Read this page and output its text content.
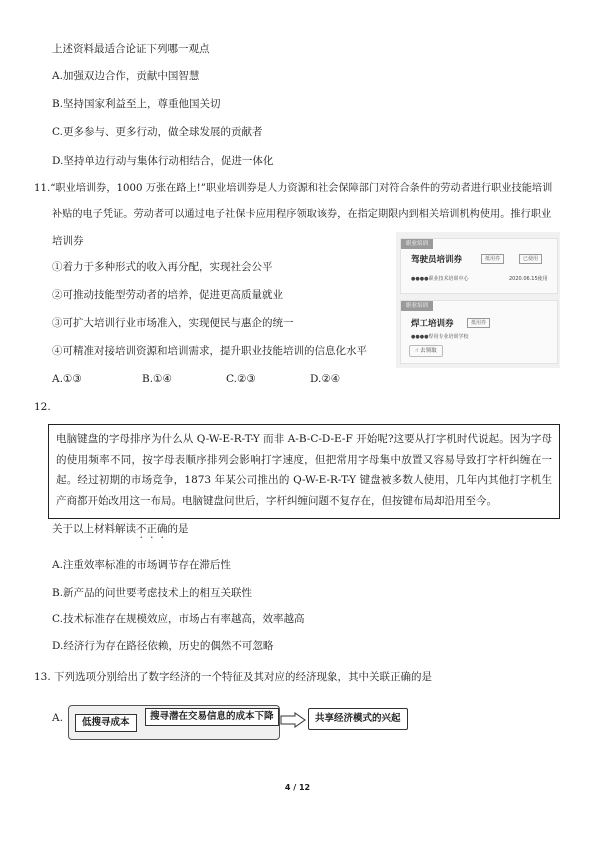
上述资料最适合论证下列哪一观点
A.加强双边合作，贡献中国智慧
B.坚持国家利益至上，尊重他国关切
C.更多参与、更多行动，做全球发展的贡献者
D.坚持单边行动与集体行动相结合，促进一体化
11.“职业培训券，1000 万张在路上!”职业培训券是人力资源和社会保障部门对符合条件的劳动者进行职业技能培训
补贴的电子凭证。劳动者可以通过电子社保卡应用程序领取该券，在指定期限内到相关培训机构使用。推行职业
培训券
①着力于多种形式的收入再分配，实现社会公平
②可推动技能型劳动者的培养，促进更高质量就业
③可扩大培训行业市场准入，实现便民与惠企的统一
④可精准对接培训资源和培训需求，提升职业技能培训的信息化水平
A.①③	B.①④	C.②③	D.②④
职业培训
驾驶员培训券	抵用券	已使用
●●●●职业技术培训中心	2020.06.15使用
职业培训
焊工培训券	抵用券
●●●●焊用专业培训学校
☝ 去领取
12.
电脑键盘的字母排序为什么从 Q-W-E-R-T-Y 而非 A-B-C-D-E-F 开始呢?这要从打字机时代说起。因为字母的使用频率不同，按字母表顺序排列会影响打字速度，但把常用字母集中放置又容易导致打字杆纠缠在一起。经过初期的市场竞争，1873 年某公司推出的 Q-W-E-R-T-Y 键盘被多数人使用，几年内其他打字机生产商都开始改用这一布局。电脑键盘问世后，字杆纠缠问题不复存在，但按键布局却沿用至今。
关于以上材料解读不正确的是
A.注重效率标准的市场调节存在滞后性
B.新产品的问世要考虑技术上的相互关联性
C.技术标准存在规模效应，市场占有率越高，效率越高
D.经济行为存在路径依赖，历史的偶然不可忽略
13. 下列选项分别给出了数字经济的一个特征及其对应的经济现象，其中关联正确的是
A.	低搜寻成本
搜寻潜在交易信息的成本下降	共享经济模式的兴起
4 / 12
